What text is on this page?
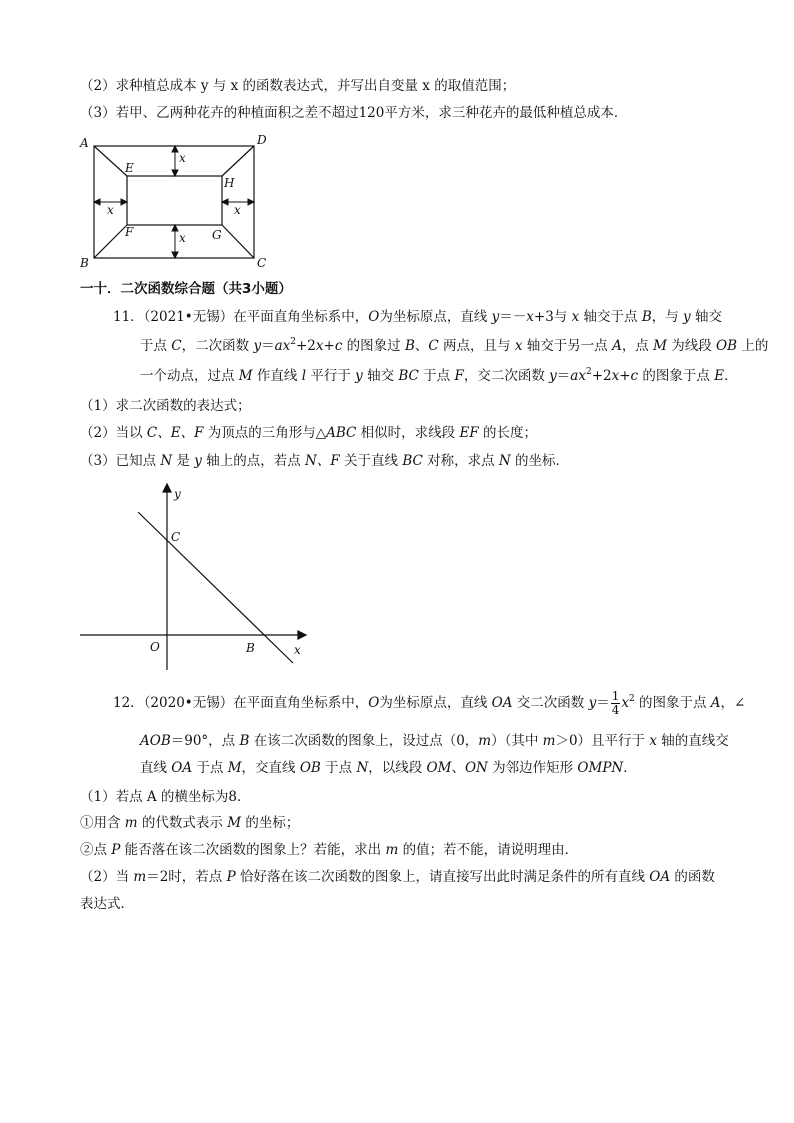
（2）求种植总成本 y 与 x 的函数表达式，并写出自变量 x 的取值范围；
（3）若甲、乙两种花卉的种植面积之差不超过120平方米，求三种花卉的最低种植总成本．
A	D
E
H
F	G
B	C
x
x
x	x
一十．二次函数综合题（共3小题）
11．（2021•无锡）在平面直角坐标系中，O为坐标原点，直线 y＝－x+3与 x 轴交于点 B，与 y 轴交
于点 C，二次函数 $y=ax^2+2x+c$ 的图象过 B、C 两点，且与 x 轴交于另一点 A，点 M 为线段 OB 上的
一个动点，过点 M 作直线 l 平行于 y 轴交 BC 于点 F，交二次函数 $y=ax^2+2x+c$ 的图象于点 E．
（1）求二次函数的表达式；
（2）当以 C、E、F 为顶点的三角形与△ABC 相似时，求线段 EF 的长度；
（3）已知点 N 是 y 轴上的点，若点 N、F 关于直线 BC 对称，求点 N 的坐标．
y
C
O	B	x
12．（2020•无锡）在平面直角坐标系中，O为坐标原点，直线 OA 交二次函数 $y= \frac{1}{4} x^2$ 的图象于点 A，∠
AOB＝90°，点 B 在该二次函数的图象上，设过点（0，m）（其中 m＞0）且平行于 x 轴的直线交
直线 OA 于点 M，交直线 OB 于点 N，以线段 OM、ON 为邻边作矩形 OMPN．
（1）若点 A 的横坐标为8．
①用含 m 的代数式表示 M 的坐标；
②点 P 能否落在该二次函数的图象上？若能，求出 m 的值；若不能，请说明理由．
（2）当 m＝2时，若点 P 恰好落在该二次函数的图象上，请直接写出此时满足条件的所有直线 OA 的函数
表达式．
